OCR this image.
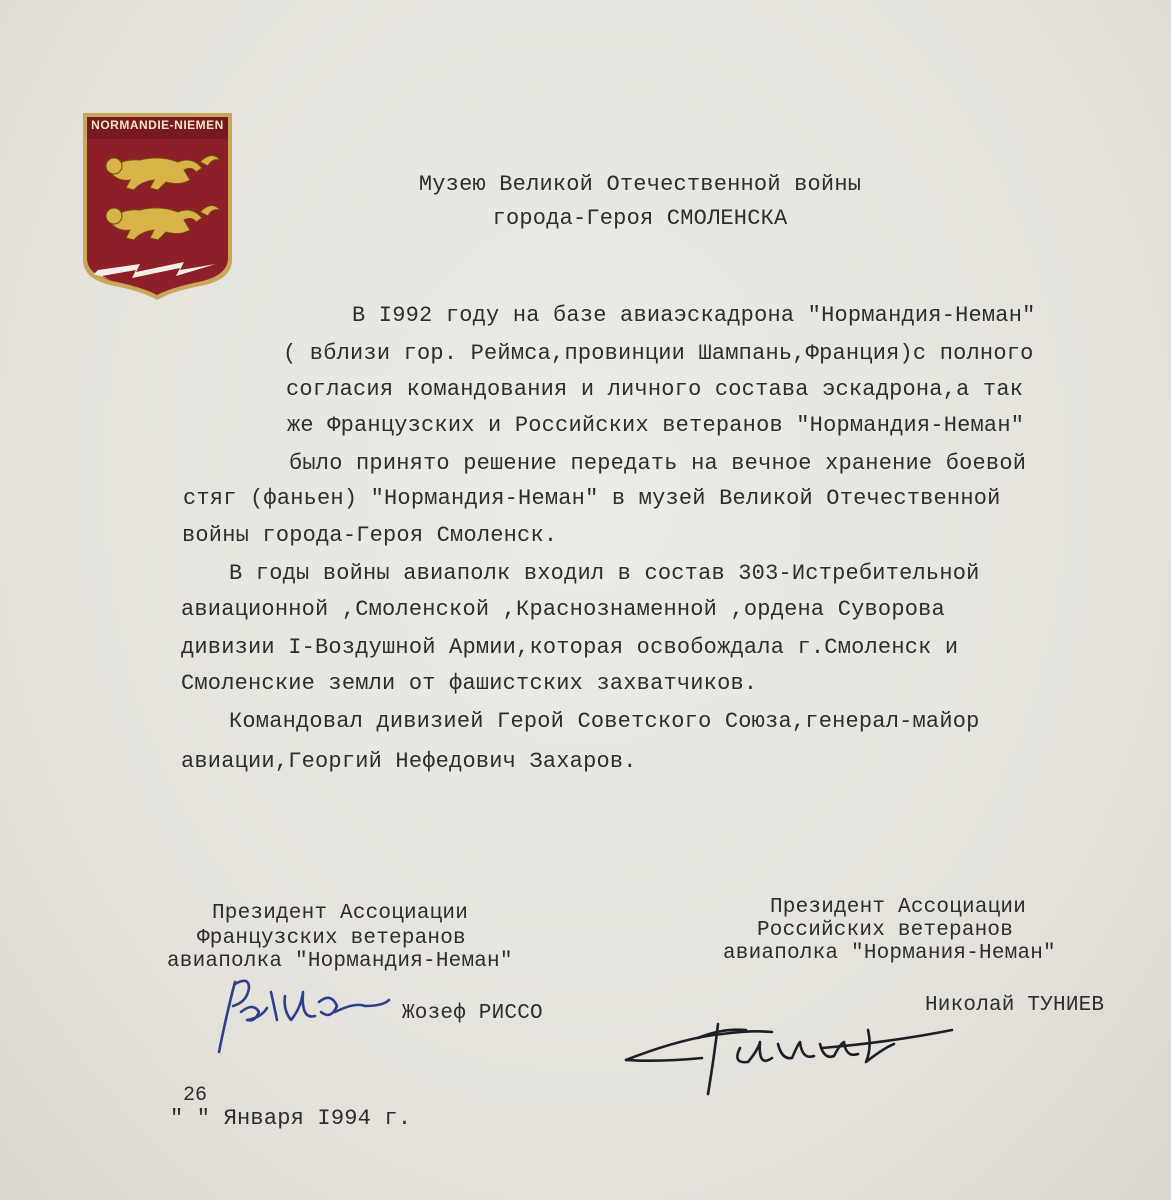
NORMANDIE-NIEMEN
Музею Великой Отечественной войны
города-Героя СМОЛЕНСКА
В I992 году на базе авиаэскадрона "Нормандия-Неман"
( вблизи гор. Реймса,провинции Шампань,Франция)с полного
согласия командования и личного состава эскадрона,а так
же Французских и Российских ветеранов "Нормандия-Неман"
было принято решение передать на вечное хранение боевой
стяг (фаньен) "Нормандия-Неман" в музей Великой Отечественной
войны города-Героя Смоленск.
В годы войны авиаполк входил в состав 303-Истребительной
авиационной ,Смоленской ,Краснознаменной ,ордена Суворова
дивизии I-Воздушной Армии,которая освобождала г.Смоленск и
Смоленские земли от фашистских захватчиков.
Командовал дивизией Герой Советского Союза,генерал-майор
авиации,Георгий Нефедович Захаров.
Президент Ассоциации
Французских ветеранов
авиаполка "Нормандия-Неман"
Жозеф РИССО
Президент Ассоциации
Российских ветеранов
авиаполка "Нормания-Неман"
Николай ТУНИЕВ
26
" " Января I994 г.
